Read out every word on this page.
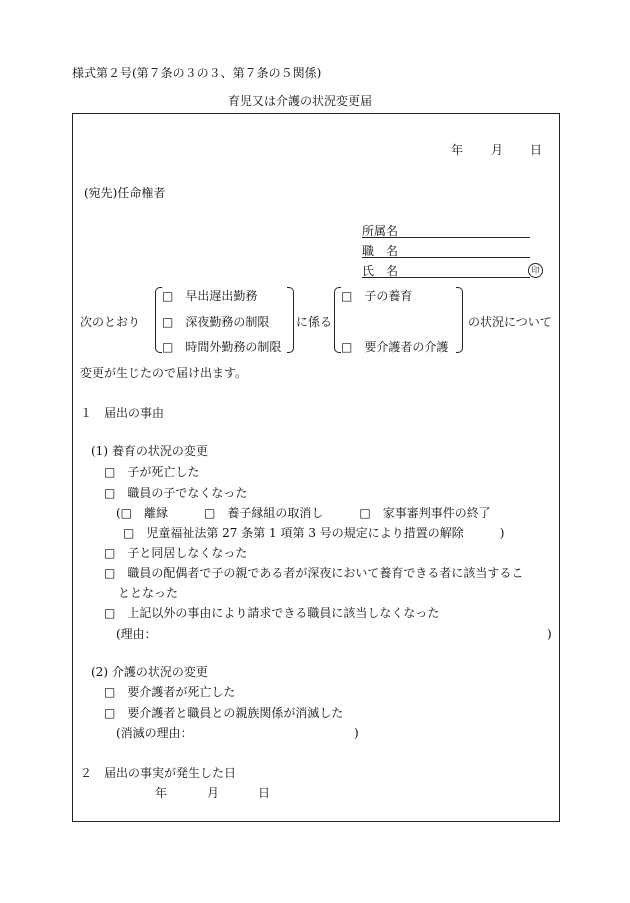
様式第２号(第７条の３の３、第７条の５関係)
育児又は介護の状況変更届
年 月 日
(宛先)任命権者
所属名
職　名
氏　名	印
次のとおり
□　早出遅出勤務
□　深夜勤務の制限
□　時間外勤務の制限
に係る
□　子の養育
□　要介護者の介護
の状況について
変更が生じたので届け出ます。
１　届出の事由
(1) 養育の状況の変更
□　子が死亡した
□　職員の子でなくなった
(□　離縁　　　□　養子縁組の取消し　　　□　家事審判事件の終了
□　児童福祉法第 27 条第 1 項第 3 号の規定により措置の解除　　　)
□　子と同居しなくなった
□　職員の配偶者で子の親である者が深夜において養育できる者に該当するこ
ととなった
□　上記以外の事由により請求できる職員に該当しなくなった
(理由：	)
(2) 介護の状況の変更
□　要介護者が死亡した
□　要介護者と職員との親族関係が消滅した
(消滅の理由：	)
２　届出の事実が発生した日
年	月	日
